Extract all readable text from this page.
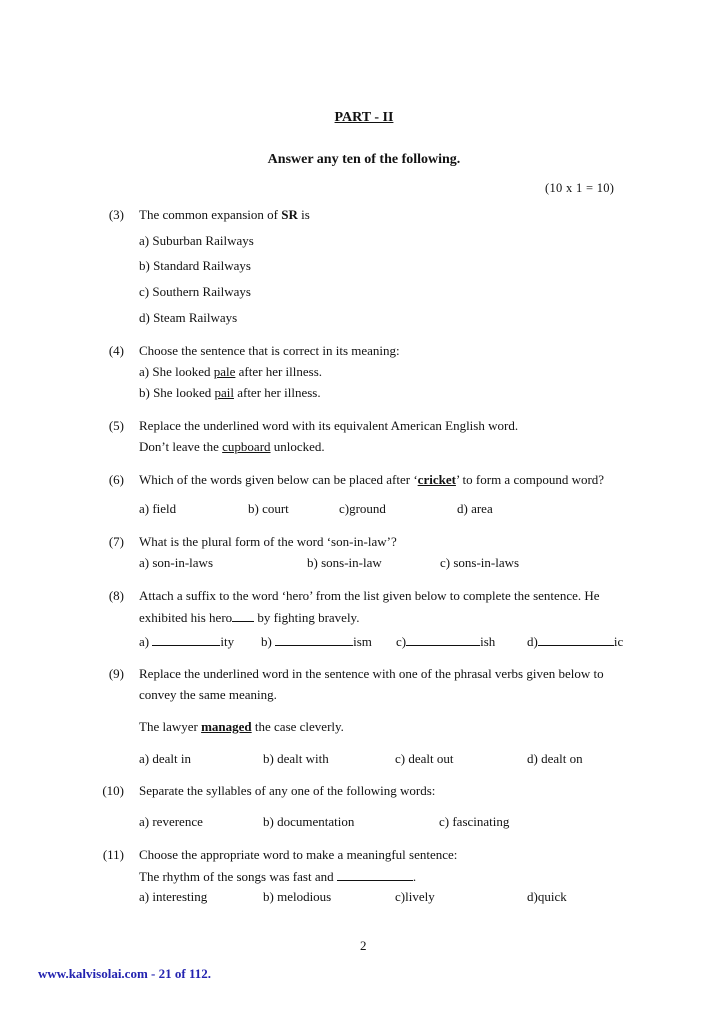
PART - II
Answer any ten of the following.
(10 x 1 = 10)
(3) The common expansion of SR is
a) Suburban Railways
b) Standard Railways
c) Southern Railways
d) Steam Railways
(4) Choose the sentence that is correct in its meaning:
a) She looked pale after her illness.
b) She looked pail after her illness.
(5) Replace the underlined word with its equivalent American English word.
Don’t leave the cupboard unlocked.
(6) Which of the words given below can be placed after ‘cricket’ to form a compound word?
a) field	b) court	c)ground	d) area
(7) What is the plural form of the word ‘son-in-law’?
a) son-in-laws	b) sons-in-law	c) sons-in-laws
(8) Attach a suffix to the word ‘hero’ from the list given below to complete the sentence. He
exhibited his hero by fighting bravely.
a)	ity b)	ism c)	ish d)	ic
(9) Replace the underlined word in the sentence with one of the phrasal verbs given below to
convey the same meaning.
The lawyer managed the case cleverly.
a) dealt in	b) dealt with	c) dealt out	d) dealt on
(10) Separate the syllables of any one of the following words:
a) reverence	b) documentation	c) fascinating
(11) Choose the appropriate word to make a meaningful sentence:
The rhythm of the songs was fast and	.
a) interesting	b) melodious	c)lively	d)quick
2
www.kalvisolai.com - 21 of 112.
